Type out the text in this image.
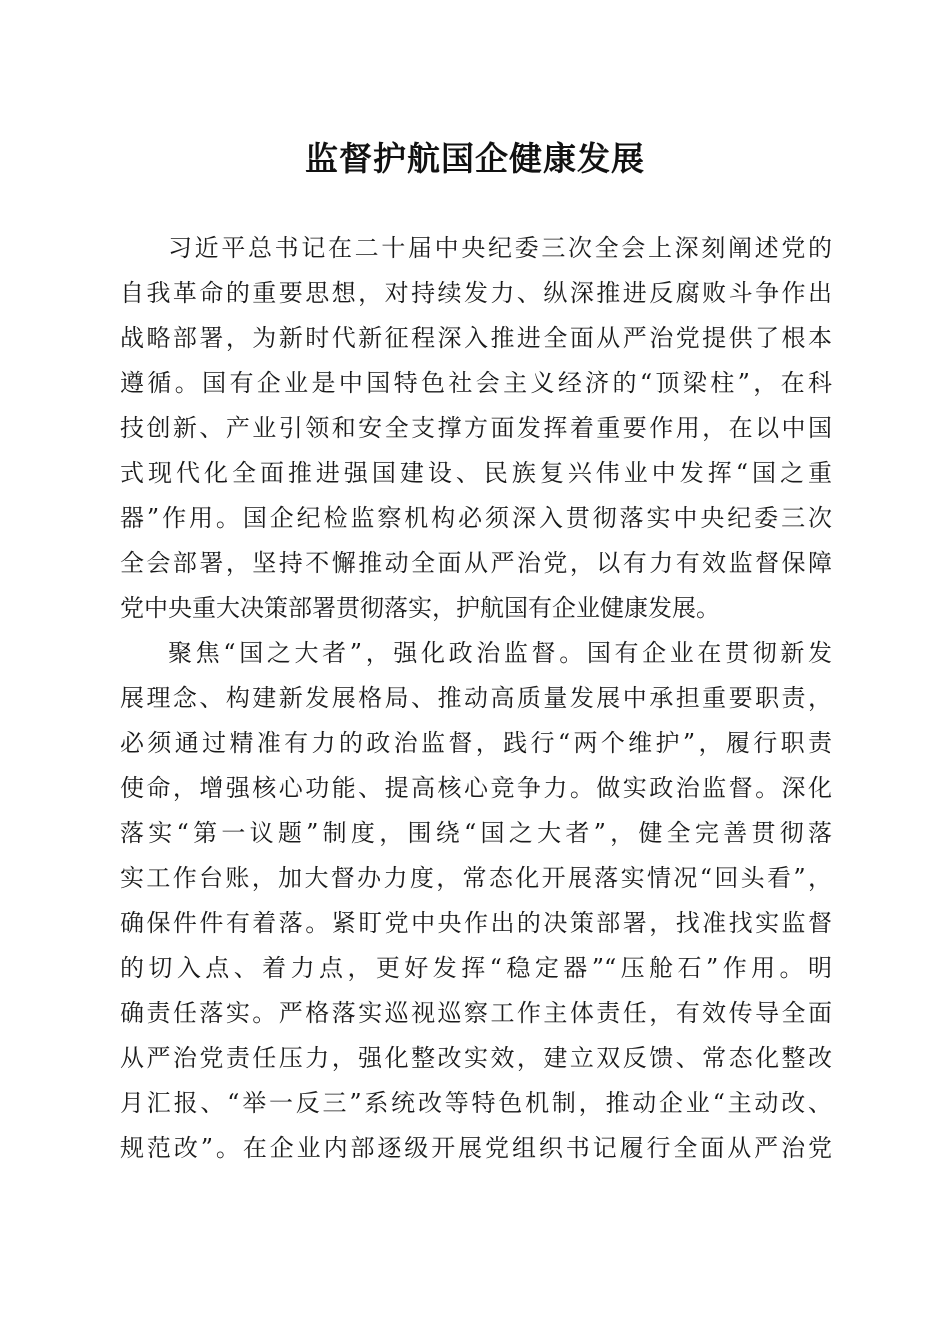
监督护航国企健康发展
习近平总书记在二十届中央纪委三次全会上深刻阐述党的
自我革命的重要思想，对持续发力、纵深推进反腐败斗争作出
战略部署，为新时代新征程深入推进全面从严治党提供了根本
遵循。国有企业是中国特色社会主义经济的“顶梁柱”，在科
技创新、产业引领和安全支撑方面发挥着重要作用，在以中国
式现代化全面推进强国建设、民族复兴伟业中发挥“国之重
器”作用。国企纪检监察机构必须深入贯彻落实中央纪委三次
全会部署，坚持不懈推动全面从严治党，以有力有效监督保障
党中央重大决策部署贯彻落实，护航国有企业健康发展。
聚焦“国之大者”，强化政治监督。国有企业在贯彻新发
展理念、构建新发展格局、推动高质量发展中承担重要职责，
必须通过精准有力的政治监督，践行“两个维护”，履行职责
使命，增强核心功能、提高核心竞争力。做实政治监督。深化
落实“第一议题”制度，围绕“国之大者”，健全完善贯彻落
实工作台账，加大督办力度，常态化开展落实情况“回头看”，
确保件件有着落。紧盯党中央作出的决策部署，找准找实监督
的切入点、着力点，更好发挥“稳定器”“压舱石”作用。明
确责任落实。严格落实巡视巡察工作主体责任，有效传导全面
从严治党责任压力，强化整改实效，建立双反馈、常态化整改
月汇报、“举一反三”系统改等特色机制，推动企业“主动改、
规范改”。在企业内部逐级开展党组织书记履行全面从严治党
